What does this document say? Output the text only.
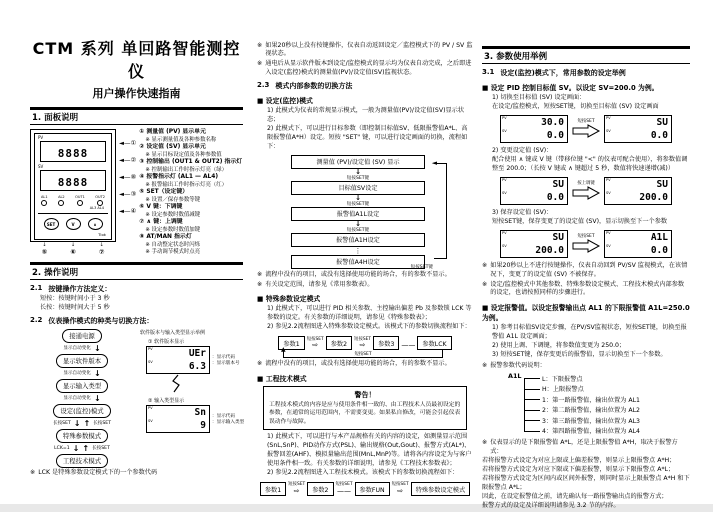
CTM 系列 单回路智能测控仪
用户操作快速指南
1. 面板说明
PV
8888
SV
8888
AL1	AL2	OUT1	OUT2
AL3 AL4
SET	V	∧
Tlok
↓
⑤
↓
⑥
↓
⑦
◄—①
◄—②
◄—⑧
◄—③
◄—④
① 测量值 (PV) 显示单元
※ 显示测量值及各种参数名称
② 设定值 (SV) 显示单元
※ 显示目标设定值及各种参数值
③ 控制输出 (OUT1 & OUT2) 指示灯
※ 控制输出工作时指示灯亮（绿）
④ 报警指示灯 (AL1 — AL4)
※ 报警输出工作时指示灯亮（红）
⑤ SET（设定键）
※ 设置／保存参数等键
⑥ V 键：下调键
※ 设定参数时数值减键
⑦ ∧ 键：上调键
※ 设定参数时数值加键
⑧ AT/MAN 指示灯
※ 自动整定状态时闪烁
※ 手动调节模式时点亮
2. 操作说明
2.1 按键操作方法定义：
短按：按键时间小于 3 秒
长按：按键时间大于 5 秒
2.2 仪表操作模式的种类与切换方法：
接通电源
显示自动变化 ↓
显示软件版本
显示自动变化 ↓
显示输入类型
显示自动变化 ↓
设定(监控)模式
长按SET ↓ ↑ 长按SET
特殊参数模式
LCK=1 ↓ ↑ 长按SET
工程技术模式
软件版本与输入类型显示举例
① 软件版本显示
PV	UEr
SV	6.3
：显示代码
：显示版本号
② 输入类型显示
PV	Sn
SV	9
：显示代码
：显示输入类型
※ LCK 是特殊参数设定模式下的一个参数代码
※ 如果20秒以上没有按键操作，仪表自动返回设定／监控模式下的 PV / SV 监视状态。
※ 通电后从显示软件版本到设定/监控模式的显示均为仪表自动完成，之后即进入设定(监控)模式的测量值(PV)/设定值(SV)监视状态。
2.3 模式内部参数的切换方法
■ 设定(监控)模式
1) 此模式为仪表的常规显示模式，一般为测量值(PV)/设定值(SV)显示状态；
2) 此模式下，可以进行目标参数（即控制目标值SV、低限报警值A*L、高限报警值A*H）设定。短按 "SET" 键，可以进行设定画面的切换，流程如下：
◄
测量值 (PV)/设定值 (SV) 显示
↓
短按SET键
目标值SV设定
↓
短按SET键
报警值A1L设定
↓
短按SET键
报警值A1H设定
⋮
报警值A4H设定
短按SET键
※ 流程中没有的项目，或没有选择使用功能的场合，有的参数不显示。
※ 有关设定范围，请参见《常用参数表》。
■ 特殊参数设定模式
1) 此模式下，可以进行 PID 相关参数、主控输出偏差 Pb 及参数锁 LCK 等参数的设定。有关参数的详细说明，请参见《特殊参数表》；
2) 参见2.2流程图进入特殊参数设定模式。该模式下的参数切换流程如下：
参数1
短按SET
⇨	参数2
短按SET
⇨	参数3	——	参数LCK
▲
短按SET
※ 流程中没有的项目，或没有选择使用功能的场合，有的参数不显示。
■ 工程技术模式
警告！
工程技术模式的内容是应与使用条件相一致的、由工程技术人员最初设定的参数，在通常的运用范围内，不需要变更。如果私自修改，可能会引起仪表误动作与故障。
1) 此模式下，可以进行与本产品规格有关的内容的设定，如测量显示范围(SnL,SnP)、PID动作方式(PSL)、输出规格(Out,Gout)、报警方式(AL*)、报警回差(AHF)、模拟量输出范围(MnL,MnP)等。请将各内容设定为与客户使用条件相一致。有关参数的详细说明，请参见《工程技术参数表》；
2) 参见2.2流程图进入工程技术模式。该模式下的参数切换流程如下：
参数1
短按SET
⇨	参数2
短按SET
——	参数FUN
短按SET
⇨	特殊参数设定模式
3. 参数使用举例
3.1 设定(监控)模式下，常用参数的设定举例
■ 设定 PID 控制目标值 SV。以设定 SV=200.0 为例。
1) 切换至目标值 (SV) 设定画面：
在设定/监控模式，短按SET键，切换至目标值 (SV) 设定画面
PV	30.0
SV	0.0
短按SET
PV	SU
SV	0.0
2) 变更设定值 (SV)：
配合使用 ∧ 键或 V 键（带移位键 "<" 的仪表可配合使用），将参数值调整至 200.0；（长按 V 键或 ∧ 键超过 5 秒，数值将快速递增(减)）
PV	SU
SV	0.0
按上调键
PV	SU
SV	200.0
3) 保存设定值 (SV)：
短按SET键，保存变更了的设定值 (SV)，显示切换至下一个参数
PV	SU
SV	200.0
短按SET
PV	A1L
SV	0.0
※ 如果20秒以上不进行按键操作，仪表自动回到 PV/SV 监视模式，在该情况下，变更了的设定值 (SV) 不被保存。
※ 设定/监控模式中其他参数、特殊参数设定模式、工程技术模式内部参数的设定，也请按照同样的步骤进行。
■ 设定报警值。以设定报警输出点 AL1 的下限报警值 A1L=250.0 为例。
1) 参考目标值SV设定步骤，在PV/SV监视状态，短按SET键，切换至报警值 A1L 设定画面；
2) 使用上调、下调键，将参数值变更为 250.0；
3) 短按SET键，保存变更后的报警值，显示切换至下一个参数。
※ 报警参数代码说明：
A1L	L：下限报警点
H：上限报警点
1：第一路报警值，输出位置为 AL1
2：第二路报警值，输出位置为 AL2
3：第三路报警值，输出位置为 AL3
4：第四路报警值，输出位置为 AL4
※ 仪表显示的是下限报警值 A*L，还是上限报警值 A*H，取决于报警方式：
若将报警方式设定为对应上限或上偏差报警，则显示上限报警点 A*H；
若将报警方式设定为对应下限或下偏差报警，则显示下限报警点 A*L；
若将报警方式设定为区间内或区间外报警，则同时显示上限报警点 A*H 和下限报警点 A*L；
因此，在设定报警值之前，请先确认每一路报警输出点的报警方式；
报警方式的设定及详细说明请参见 3.2 节的内容。
